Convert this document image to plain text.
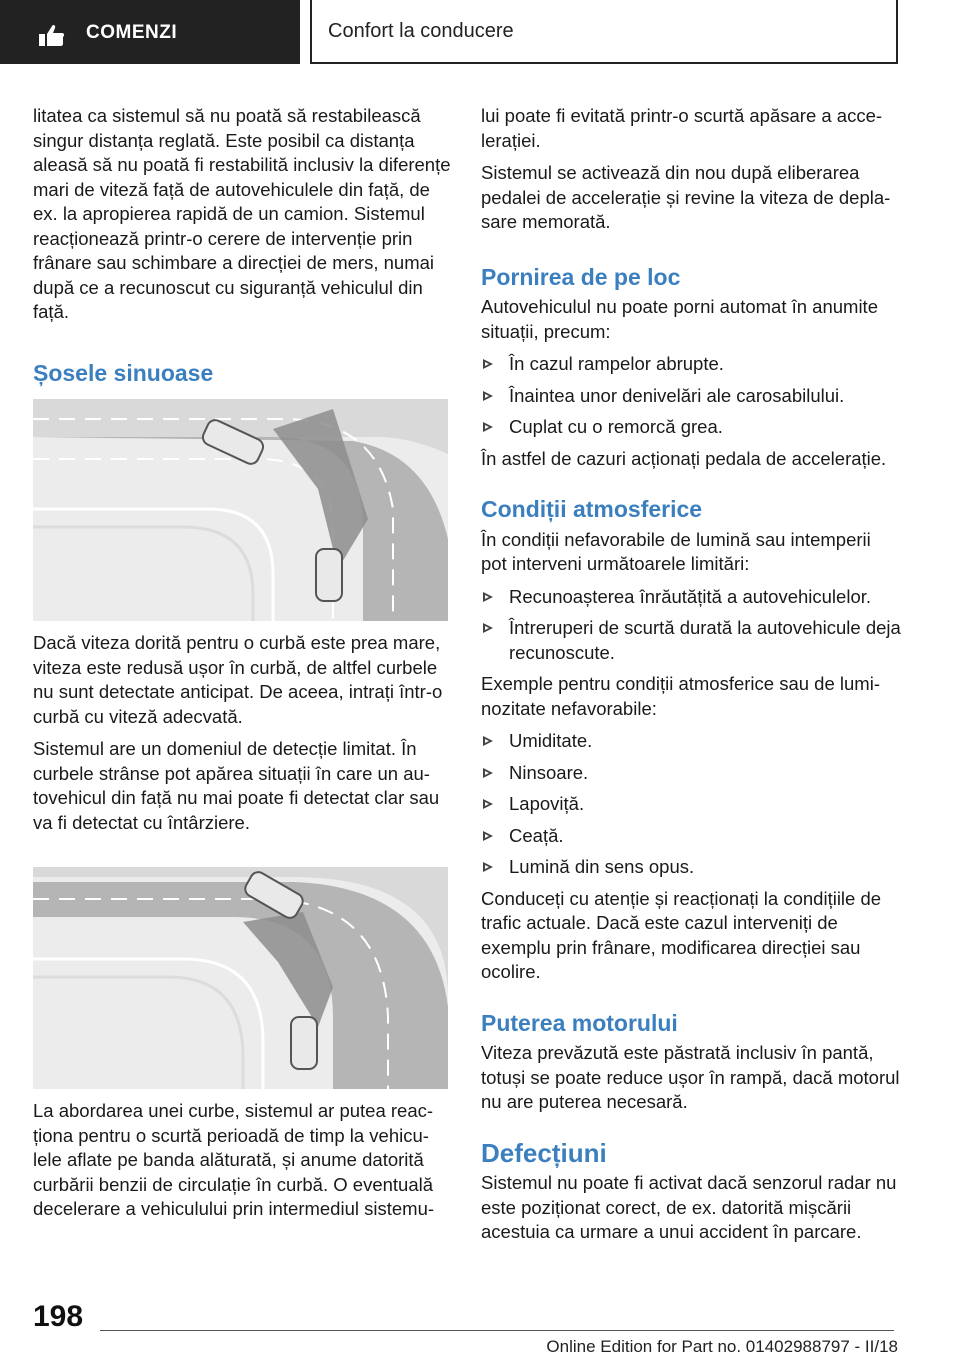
COMENZI	Confort la conducere

litatea ca sistemul să nu poată să restabilească singur distanța reglată. Este posibil ca distanța aleasă să nu poată fi restabilită inclusiv la diferențe mari de viteză față de autovehiculele din față, de ex. la apropierea rapidă de un camion. Sistemul reacționează printr‐o cerere de intervenție prin frânare sau schimbare a direcției de mers, numai după ce a recunoscut cu siguranță vehiculul din față.

Șosele sinuoase

Dacă viteza dorită pentru o curbă este prea mare, viteza este redusă ușor în curbă, de altfel curbele nu sunt detectate anticipat. De aceea, intrați într‐o curbă cu viteză adecvată.

Sistemul are un domeniul de detecție limitat. În curbele strânse pot apărea situații în care un autovehicul din față nu mai poate fi detectat clar sau va fi detectat cu întârziere.

La abordarea unei curbe, sistemul ar putea reacționa pentru o scurtă perioadă de timp la vehiculele aflate pe banda alăturată, și anume datorită curbării benzii de circulație în curbă. O eventuală decelerare a vehiculului prin intermediul sistemu-

lui poate fi evitată printr‐o scurtă apăsare a accelerației.

Sistemul se activează din nou după eliberarea pedalei de accelerație și revine la viteza de deplasare memorată.

Pornirea de pe loc

Autovehiculul nu poate porni automat în anumite situații, precum:

În cazul rampelor abrupte.
Înaintea unor denivelări ale carosabilului.
Cuplat cu o remorcă grea.

În astfel de cazuri acționați pedala de accelerație.

Condiții atmosferice

În condiții nefavorabile de lumină sau intemperii pot interveni următoarele limitări:

Recunoașterea înrăutățită a autovehiculelor.
Întreruperi de scurtă durată la autovehicule deja recunoscute.

Exemple pentru condiții atmosferice sau de luminozitate nefavorabile:

Umiditate.
Ninsoare.
Lapoviță.
Ceață.
Lumină din sens opus.

Conduceți cu atenție și reacționați la condițiile de trafic actuale. Dacă este cazul interveniți de exemplu prin frânare, modificarea direcției sau ocolire.

Puterea motorului

Viteza prevăzută este păstrată inclusiv în pantă, totuși se poate reduce ușor în rampă, dacă motorul nu are puterea necesară.

Defecțiuni

Sistemul nu poate fi activat dacă senzorul radar nu este poziționat corect, de ex. datorită mișcării acestuia ca urmare a unui accident în parcare.

198
Online Edition for Part no. 01402988797 - II/18
